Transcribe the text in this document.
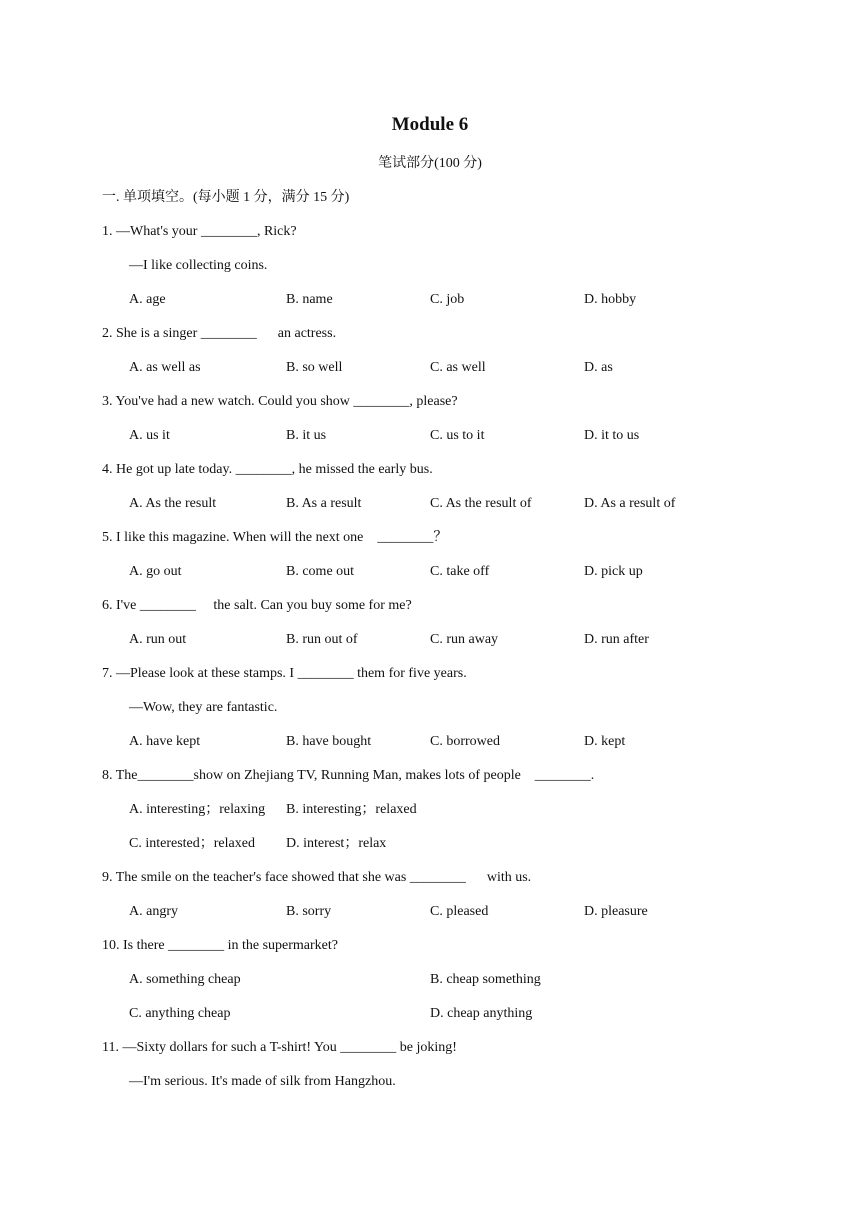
Module 6
笔试部分(100 分)
一. 单项填空。(每小题 1 分，满分 15 分)
1. —What's your ________, Rick?
—I like collecting coins.
A. age	B. name	C. job	D. hobby
2. She is a singer ________      an actress.
A. as well as	B. so well	C. as well	D. as
3. You've had a new watch. Could you show ________, please?
A. us it	B. it us	C. us to it	D. it to us
4. He got up late today. ________, he missed the early bus.
A. As the result	B. As a result	C. As the result of	D. As a result of
5. I like this magazine. When will the next one    ________？
A. go out	B. come out	C. take off	D. pick up
6. I've ________     the salt. Can you buy some for me?
A. run out	B. run out of	C. run away	D. run after
7. —Please look at these stamps. I ________ them for five years.
—Wow, they are fantastic.
A. have kept	B. have bought	C. borrowed	D. kept
8. The________show on Zhejiang TV, Running Man, makes lots of people    ________.
A. interesting；relaxing B. interesting；relaxed
C. interested；relaxed D. interest；relax
9. The smile on the teacher's face showed that she was ________      with us.
A. angry	B. sorry	C. pleased	D. pleasure
10. Is there ________ in the supermarket?
A. something cheap	B. cheap something
C. anything cheap	D. cheap anything
11. —Sixty dollars for such a T-shirt! You ________ be joking!
—I'm serious. It's made of silk from Hangzhou.
